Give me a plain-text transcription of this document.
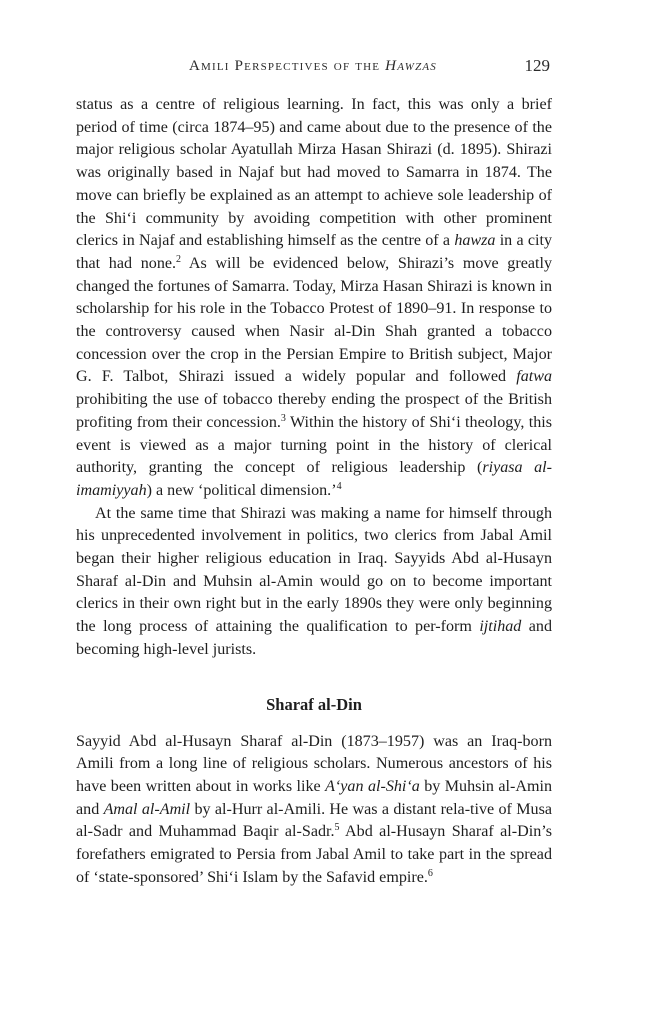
Amili Perspectives of the Hawzas	129

status as a centre of religious learning. In fact, this was only a brief period of time (circa 1874–95) and came about due to the presence of the major religious scholar Ayatullah Mirza Hasan Shirazi (d. 1895). Shirazi was originally based in Najaf but had moved to Samarra in 1874. The move can briefly be explained as an attempt to achieve sole leadership of the Shi‘i community by avoiding competition with other prominent clerics in Najaf and establishing himself as the centre of a hawza in a city that had none.$^2$ As will be evidenced below, Shirazi’s move greatly changed the fortunes of Samarra. Today, Mirza Hasan Shirazi is known in scholarship for his role in the Tobacco Protest of 1890–91. In response to the controversy caused when Nasir al-Din Shah granted a tobacco concession over the crop in the Persian Empire to British subject, Major G. F. Talbot, Shirazi issued a widely popular and followed fatwa prohibiting the use of tobacco thereby ending the prospect of the British profiting from their concession.$^3$ Within the history of Shi‘i theology, this event is viewed as a major turning point in the history of clerical authority, granting the concept of religious leadership (riyasa al-imamiyyah) a new ‘political dimension.’$^4$

At the same time that Shirazi was making a name for himself through his unprecedented involvement in politics, two clerics from Jabal Amil began their higher religious education in Iraq. Sayyids Abd al-Husayn Sharaf al-Din and Muhsin al-Amin would go on to become important clerics in their own right but in the early 1890s they were only beginning the long process of attaining the qualification to per-form ijtihad and becoming high-level jurists.

Sharaf al-Din

Sayyid Abd al-Husayn Sharaf al-Din (1873–1957) was an Iraq-born Amili from a long line of religious scholars. Numerous ancestors of his have been written about in works like A‘yan al-Shi‘a by Muhsin al-Amin and Amal al-Amil by al-Hurr al-Amili. He was a distant rela-tive of Musa al-Sadr and Muhammad Baqir al-Sadr.$^5$ Abd al-Husayn Sharaf al-Din’s forefathers emigrated to Persia from Jabal Amil to take part in the spread of ‘state-sponsored’ Shi‘i Islam by the Safavid empire.$^6$
